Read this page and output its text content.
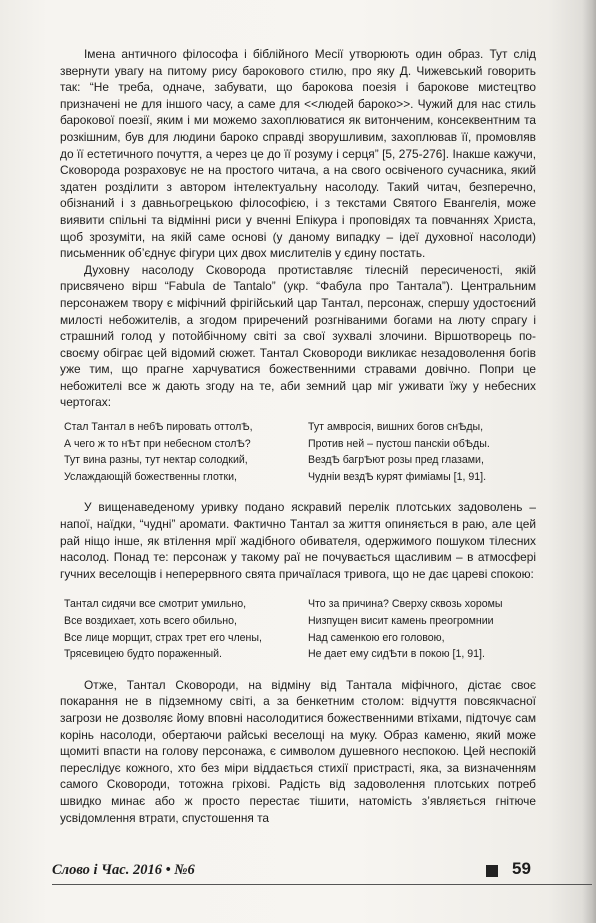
Імена античного філософа і біблійного Месії утворюють один образ. Тут слід звернути увагу на питому рису барокового стилю, про яку Д. Чижевський говорить так: “Не треба, одначе, забувати, що барокова поезія і барокове мистецтво призначені не для іншого часу, а саме для <<людей бароко>>. Чужий для нас стиль барокової поезії, яким і ми можемо захоплюватися як витонченим, консеквентним та розкішним, був для людини бароко справді зворушливим, захоплював її, промовляв до її естетичного почуття, а через це до її розуму і серця” [5, 275-276]. Інакше кажучи, Сковорода розраховує не на простого читача, а на свого освіченого сучасника, який здатен розділити з автором інтелектуальну насолоду. Такий читач, безперечно, обізнаний і з давньогрецькою філософією, і з текстами Святого Евангелія, може виявити спільні та відмінні риси у вченні Епікура і проповідях та повчаннях Христа, щоб зрозуміти, на якій саме основі (у даному випадку – ідеї духовної насолоди) письменник об’єднує фігури цих двох мислителів у єдину постать.

Духовну насолоду Сковорода протиставляє тілесній пересиченості, якій присвячено вірш “Fabula de Tantalo” (укр. “Фабула про Тантала”). Центральним персонажем твору є міфічний фрігійський цар Тантал, персонаж, спершу удостоєний милості небожителів, а згодом приречений розгніваними богами на люту спрагу і страшний голод у потойбічному світі за свої зухвалі злочини. Віршотворець по-своєму обіграє цей відомий сюжет. Тантал Сковороди викликає незадоволення богів уже тим, що прагне харчуватися божественними стравами довічно. Попри це небожителі все ж дають згоду на те, аби земний цар міг уживати їжу у небесних чертогах:

Стал Тантал в небѢ пировать оттолѢ,
А чего ж то нѢт при небесном столѢ?
Тут вина разны, тут нектар солодкий,
Услаждающій божественны глотки,
Тут амвросія, вишних богов снѢды,
Против ней – пустош панскіи обѢды.
ВездѢ багрѢют розы пред глазами,
Чудніи вездѢ курят фиміамы [1, 91].

У вищенаведеному уривку подано яскравий перелік плотських задоволень – напої, наїдки, “чудні” аромати. Фактично Тантал за життя опиняється в раю, але цей рай ніщо інше, як втілення мрії жадібного обивателя, одержимого пошуком тілесних насолод. Понад те: персонаж у такому раї не почувається щасливим – в атмосфері гучних веселощів і неперервного свята причаїлася тривога, що не дає цареві спокою:

Тантал сидячи все смотрит умильно,
Все воздихает, хоть всего обильно,
Все лице морщит, страх трет его члены,
Трясевицею будто пораженный.
Что за причина? Сверху сквозь хоромы
Низпущен висит камень преогромнии
Над саменкою его головою,
Не дает ему сидѢти в покою [1, 91].

Отже, Тантал Сковороди, на відміну від Тантала міфічного, дістає своє покарання не в підземному світі, а за бенкетним столом: відчуття повсякчасної загрози не дозволяє йому вповні насолодитися божественними втіхами, підточує сам корінь насолоди, обертаючи райські веселощі на муку. Образ каменю, який може щомиті впасти на голову персонажа, є символом душевного неспокою. Цей неспокій переслідує кожного, хто без міри віддається стихії пристрасті, яка, за визначенням самого Сковороди, тотожна гріхові. Радість від задоволення плотських потреб швидко минає або ж просто перестає тішити, натомість з’являється гнітюче усвідомлення втрати, спустошення та

Слово і Час. 2016 • №6	59
